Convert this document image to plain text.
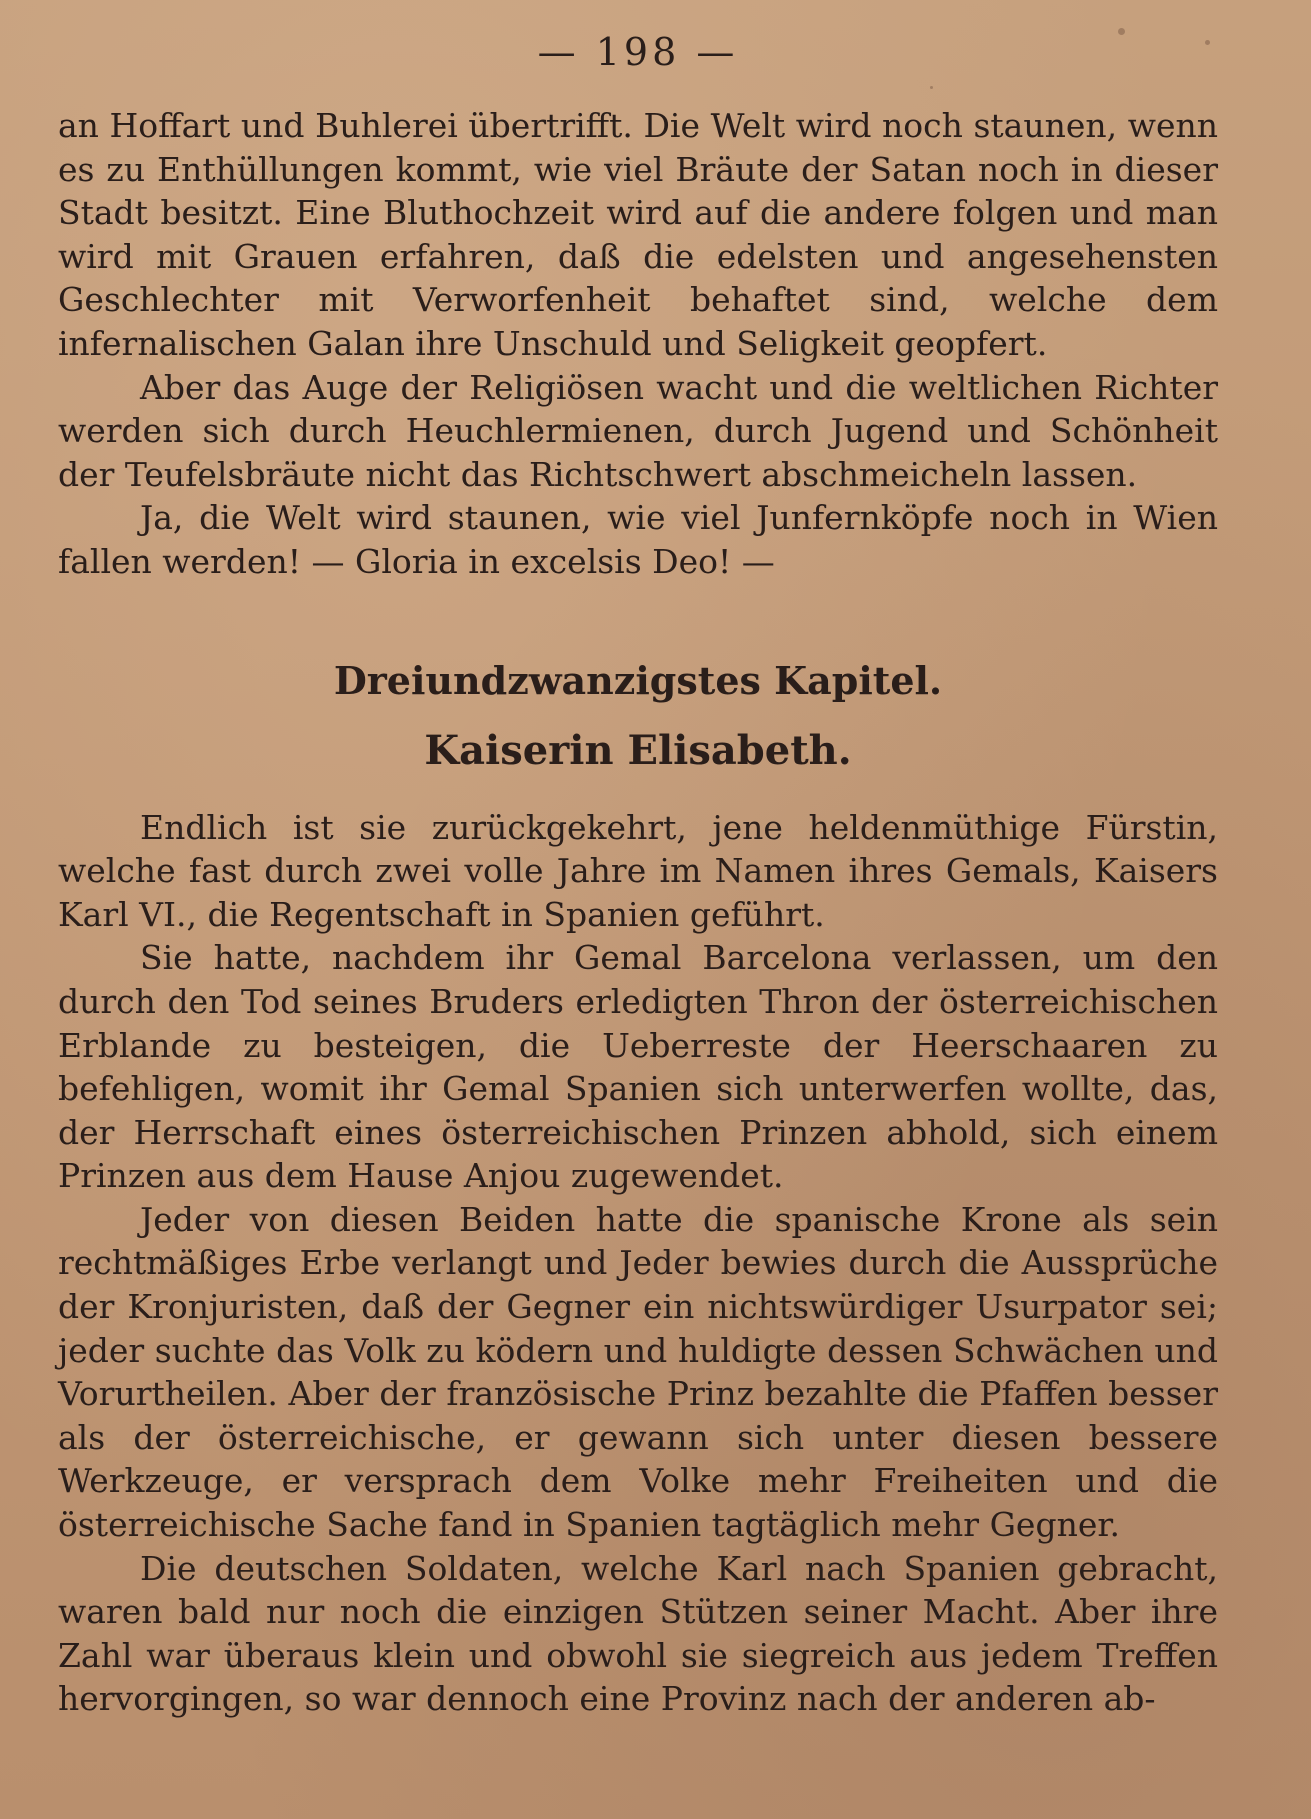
— 198 —

an Hoffart und Buhlerei übertrifft. Die Welt wird noch staunen, wenn es zu Enthüllungen kommt, wie viel Bräute der Satan noch in dieser Stadt besitzt. Eine Bluthochzeit wird auf die andere folgen und man wird mit Grauen erfahren, daß die edelsten und angesehensten Geschlechter mit Verworfenheit behaftet sind, welche dem infernalischen Galan ihre Unschuld und Seligkeit geopfert.

Aber das Auge der Religiösen wacht und die weltlichen Richter werden sich durch Heuchlermienen, durch Jugend und Schönheit der Teufelsbräute nicht das Richtschwert abschmeicheln lassen.

Ja, die Welt wird staunen, wie viel Junfernköpfe noch in Wien fallen werden! — Gloria in excelsis Deo! —

Dreiundzwanzigstes Kapitel.
Kaiserin Elisabeth.

Endlich ist sie zurückgekehrt, jene heldenmüthige Fürstin, welche fast durch zwei volle Jahre im Namen ihres Gemals, Kaisers Karl VI., die Regentschaft in Spanien geführt.

Sie hatte, nachdem ihr Gemal Barcelona verlassen, um den durch den Tod seines Bruders erledigten Thron der österreichischen Erblande zu besteigen, die Ueberreste der Heerschaaren zu befehligen, womit ihr Gemal Spanien sich unterwerfen wollte, das, der Herrschaft eines österreichischen Prinzen abhold, sich einem Prinzen aus dem Hause Anjou zugewendet.

Jeder von diesen Beiden hatte die spanische Krone als sein rechtmäßiges Erbe verlangt und Jeder bewies durch die Aussprüche der Kronjuristen, daß der Gegner ein nichtswürdiger Usurpator sei; jeder suchte das Volk zu ködern und huldigte dessen Schwächen und Vorurtheilen. Aber der französische Prinz bezahlte die Pfaffen besser als der österreichische, er gewann sich unter diesen bessere Werkzeuge, er versprach dem Volke mehr Freiheiten und die österreichische Sache fand in Spanien tagtäglich mehr Gegner.

Die deutschen Soldaten, welche Karl nach Spanien gebracht, waren bald nur noch die einzigen Stützen seiner Macht. Aber ihre Zahl war überaus klein und obwohl sie siegreich aus jedem Treffen hervorgingen, so war dennoch eine Provinz nach der anderen ab-
